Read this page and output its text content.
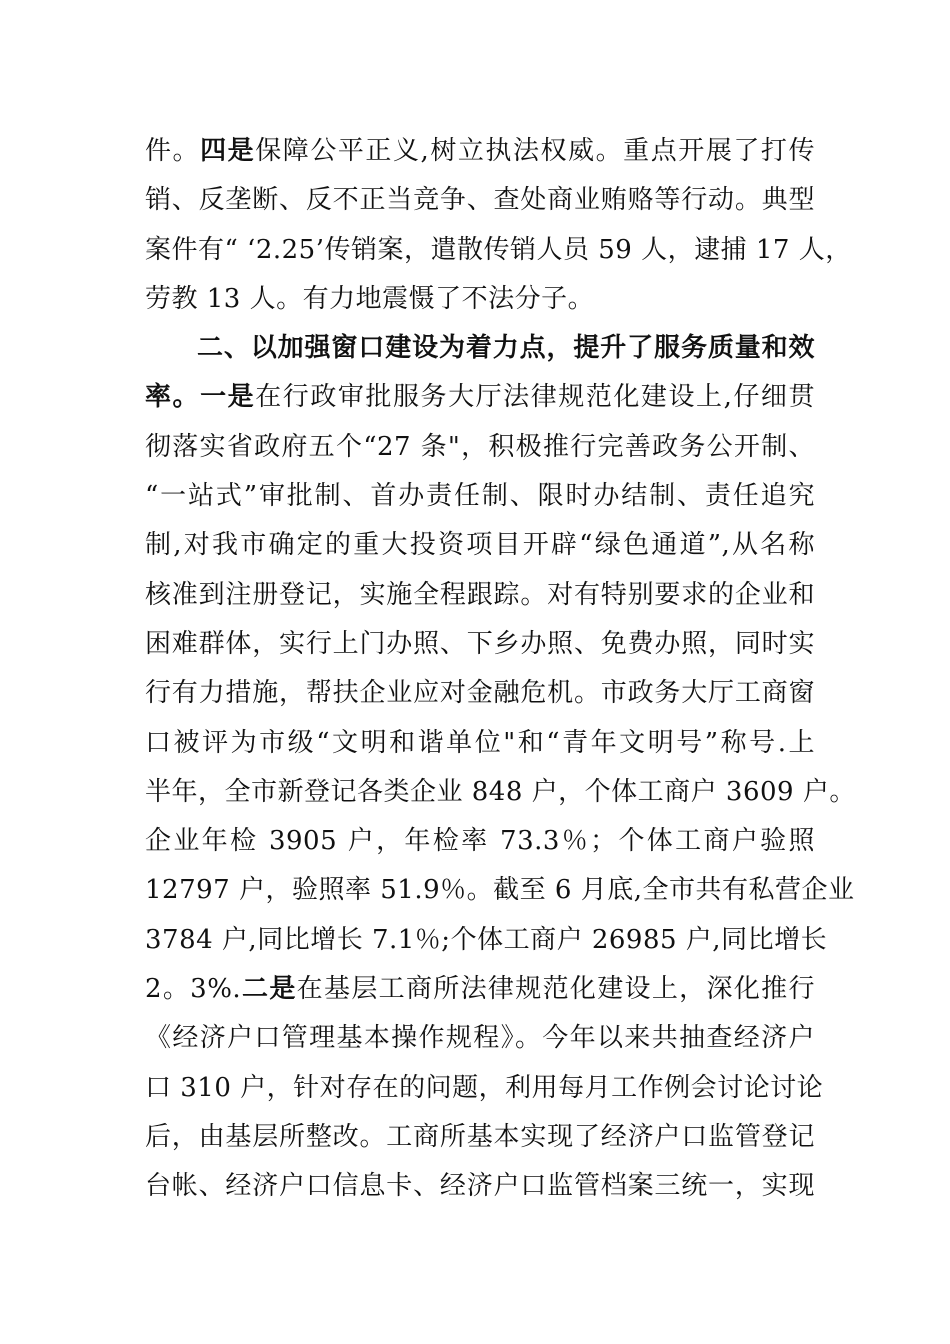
件。四是保障公平正义,树立执法权威。重点开展了打传
销、反垄断、反不正当竞争、查处商业贿赂等行动。典型
案件有“ ‘2.25’传销案，遣散传销人员 59 人，逮捕 17 人，
劳教 13 人。有力地震慑了不法分子。
二、以加强窗口建设为着力点，提升了服务质量和效
率。一是在行政审批服务大厅法律规范化建设上,仔细贯
彻落实省政府五个“27 条"，积极推行完善政务公开制、
“一站式”审批制、首办责任制、限时办结制、责任追究
制,对我市确定的重大投资项目开辟“绿色通道”,从名称
核准到注册登记，实施全程跟踪。对有特别要求的企业和
困难群体，实行上门办照、下乡办照、免费办照，同时实
行有力措施，帮扶企业应对金融危机。市政务大厅工商窗
口被评为市级“文明和谐单位"和“青年文明号”称号.上
半年，全市新登记各类企业 848 户，个体工商户 3609 户。
企业年检 3905 户，年检率 73.3％；个体工商户验照
12797 户，验照率 51.9％。截至 6 月底,全市共有私营企业
3784 户,同比增长 7.1％;个体工商户 26985 户,同比增长
2。3%.二是在基层工商所法律规范化建设上，深化推行
《经济户口管理基本操作规程》。今年以来共抽查经济户
口 310 户，针对存在的问题，利用每月工作例会讨论讨论
后，由基层所整改。工商所基本实现了经济户口监管登记
台帐、经济户口信息卡、经济户口监管档案三统一，实现
